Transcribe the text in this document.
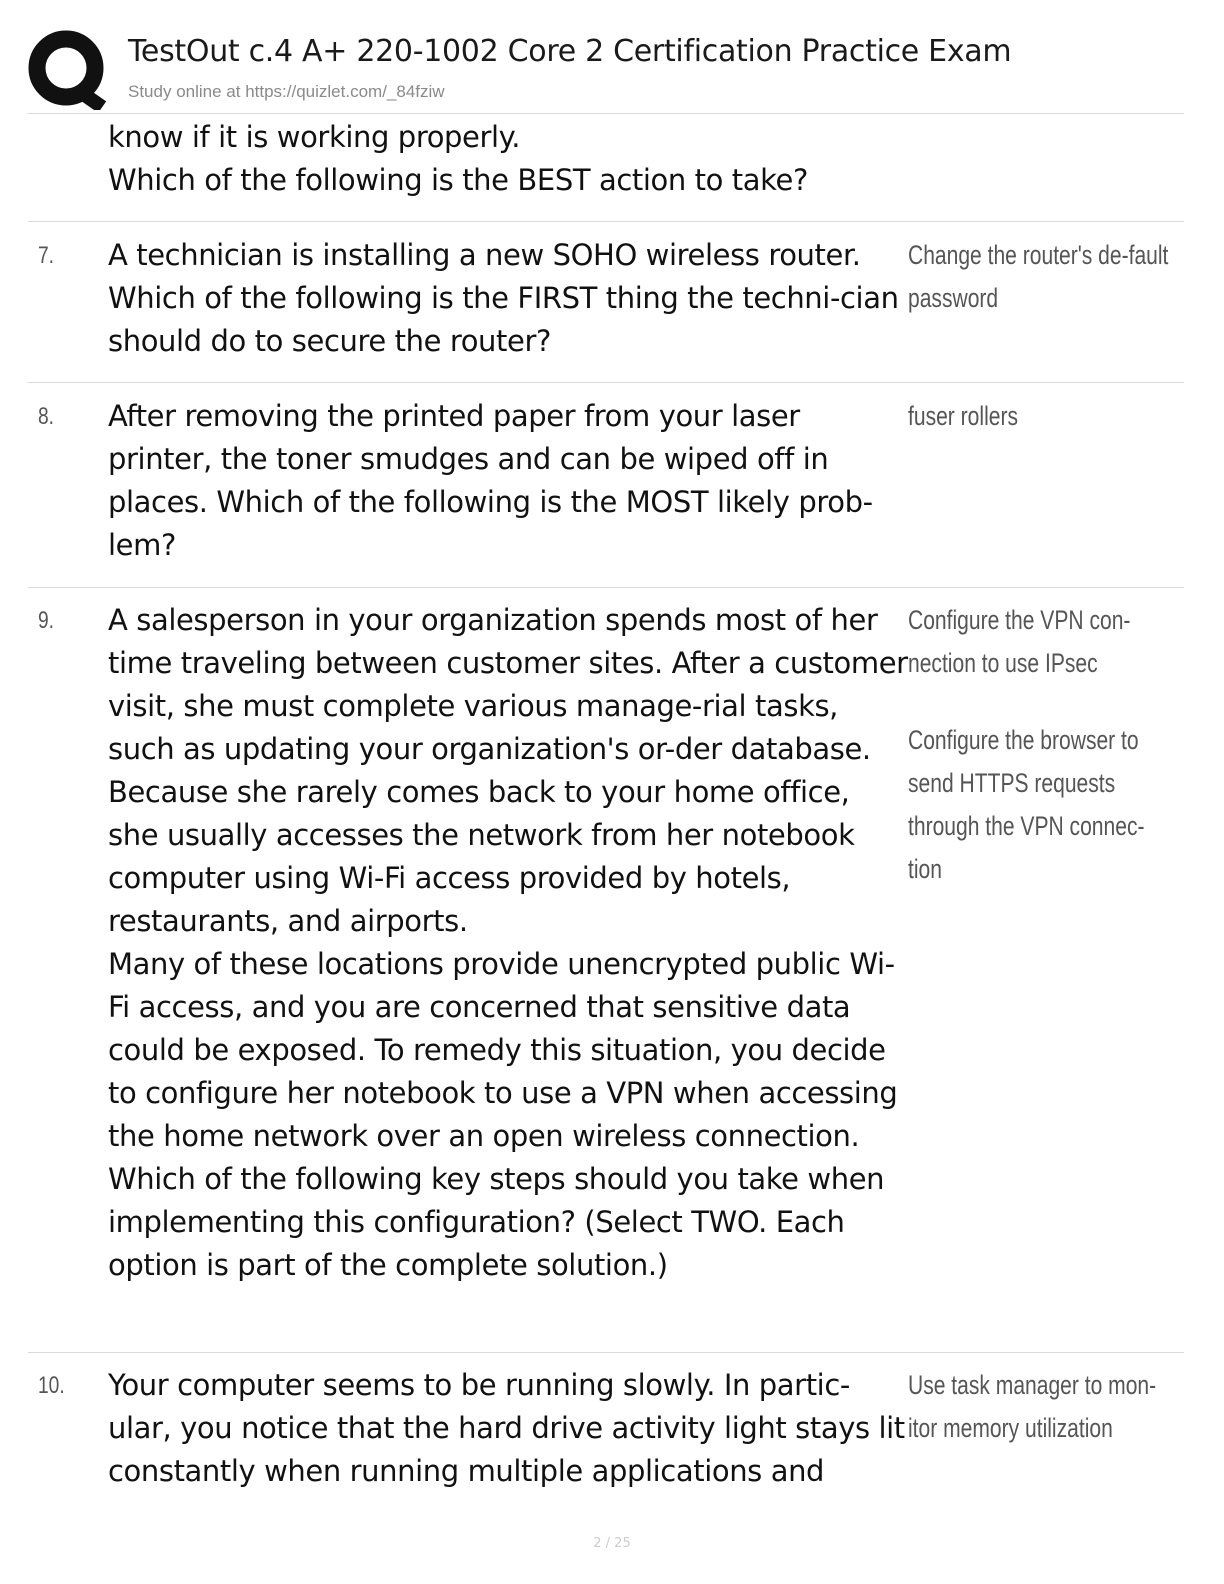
TestOut c.4 A+ 220-1002 Core 2 Certification Practice Exam
Study online at https://quizlet.com/_84fziw

know if it is working properly.

Which of the following is the BEST action to take?

7. A technician is installing a new SOHO wireless router. Which of the following is the FIRST thing the techni-cian should do to secure the router?

Change the router's de-fault password

8. After removing the printed paper from your laser printer, the toner smudges and can be wiped off in places. Which of the following is the MOST likely prob-lem?

fuser rollers

9. A salesperson in your organization spends most of her time traveling between customer sites. After a customer visit, she must complete various manage-rial tasks, such as updating your organization's or-der database. Because she rarely comes back to your home office, she usually accesses the network from her notebook computer using Wi-Fi access provided by hotels, restaurants, and airports.

Many of these locations provide unencrypted public Wi-Fi access, and you are concerned that sensitive data could be exposed. To remedy this situation, you decide to configure her notebook to use a VPN when accessing the home network over an open wireless connection.

Which of the following key steps should you take when implementing this configuration? (Select TWO. Each option is part of the complete solution.)

Configure the VPN con-nection to use IPsec

Configure the browser to send HTTPS requests through the VPN connec-tion

10. Your computer seems to be running slowly. In partic-ular, you notice that the hard drive activity light stays lit constantly when running multiple applications and

Use task manager to mon-itor memory utilization

2 / 25
